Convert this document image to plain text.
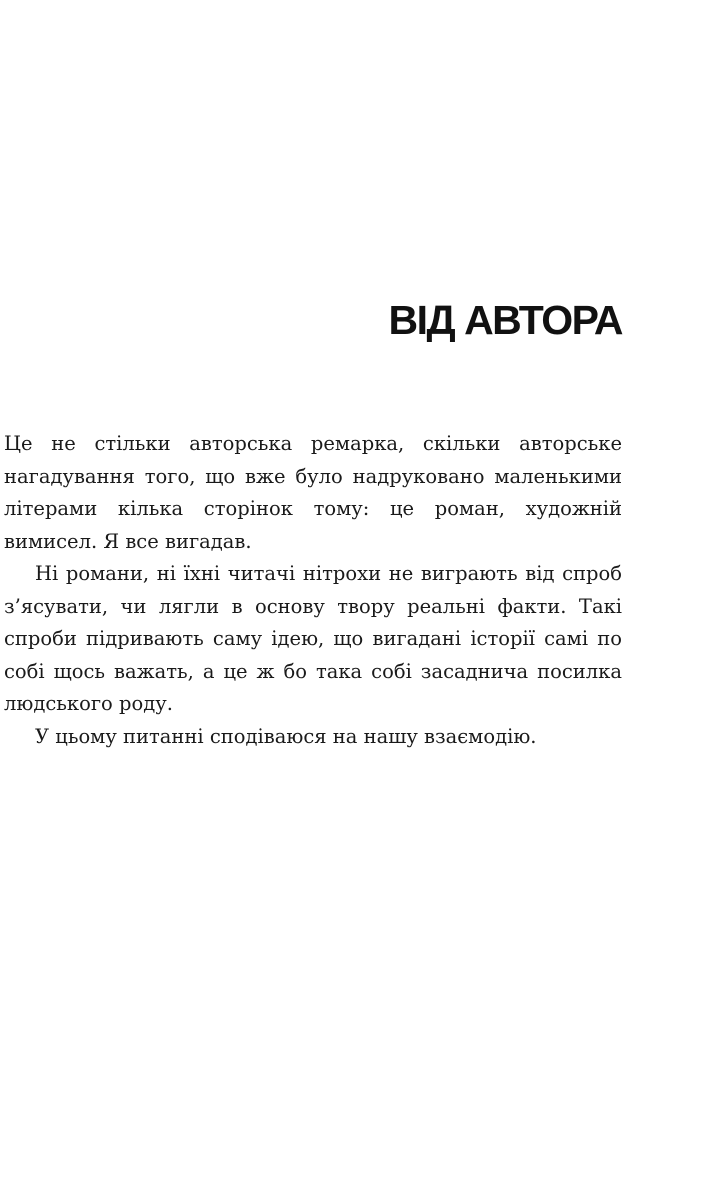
ВІД АВТОРА

Це не стільки авторська ремарка, скільки авторське нагадування того, що вже було надруковано маленькими літерами кілька сторінок тому: це роман, художній вимисел. Я все вигадав.

Ні романи, ні їхні читачі нітрохи не виграють від спроб з’ясувати, чи лягли в основу твору реальні факти. Такі спроби підривають саму ідею, що вигадані історії самі по собі щось важать, а це ж бо така собі засаднича посилка людського роду.

У цьому питанні сподіваюся на нашу взаємодію.
